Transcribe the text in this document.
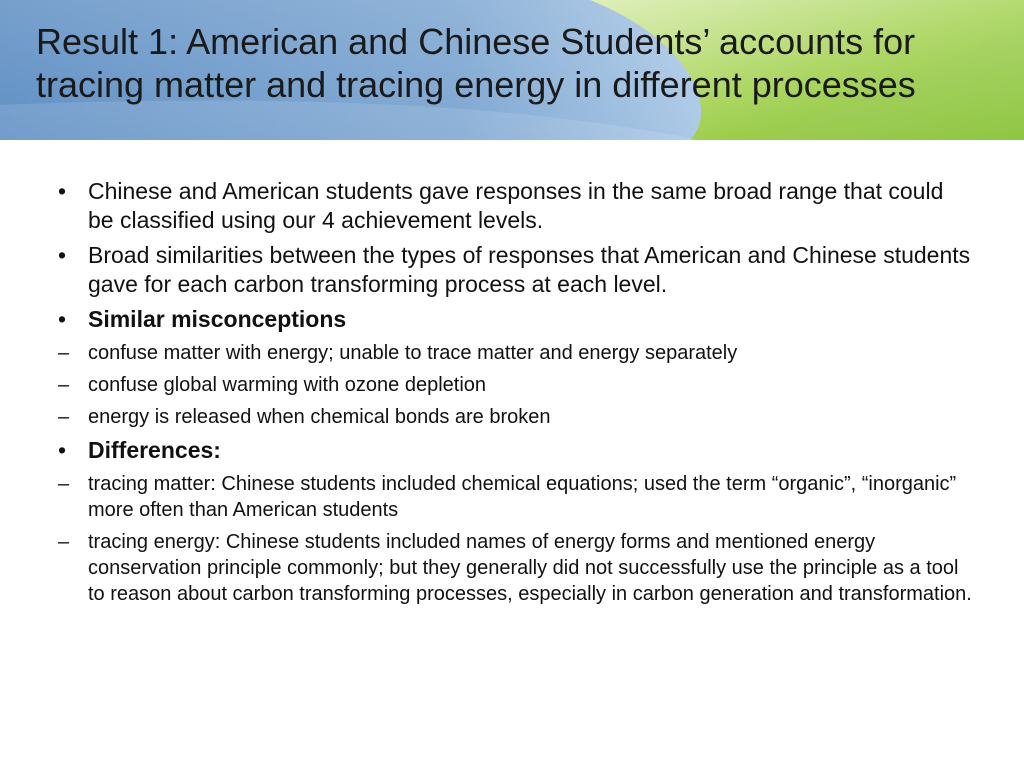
Result 1: American and Chinese Students’ accounts for tracing matter and tracing energy in different processes
• Chinese and American students gave responses in the same broad range that could be classified using our 4 achievement levels.
• Broad similarities between the types of responses that American and Chinese students gave for each carbon transforming process at each level.
• Similar misconceptions
– confuse matter with energy; unable to trace matter and energy separately
– confuse global warming with ozone depletion
– energy is released when chemical bonds are broken
• Differences:
– tracing matter: Chinese students included chemical equations; used the term “organic”, “inorganic” more often than American students
– tracing energy: Chinese students included names of energy forms and mentioned energy conservation principle commonly; but they generally did not successfully use the principle as a tool to reason about carbon transforming processes, especially in carbon generation and transformation.
